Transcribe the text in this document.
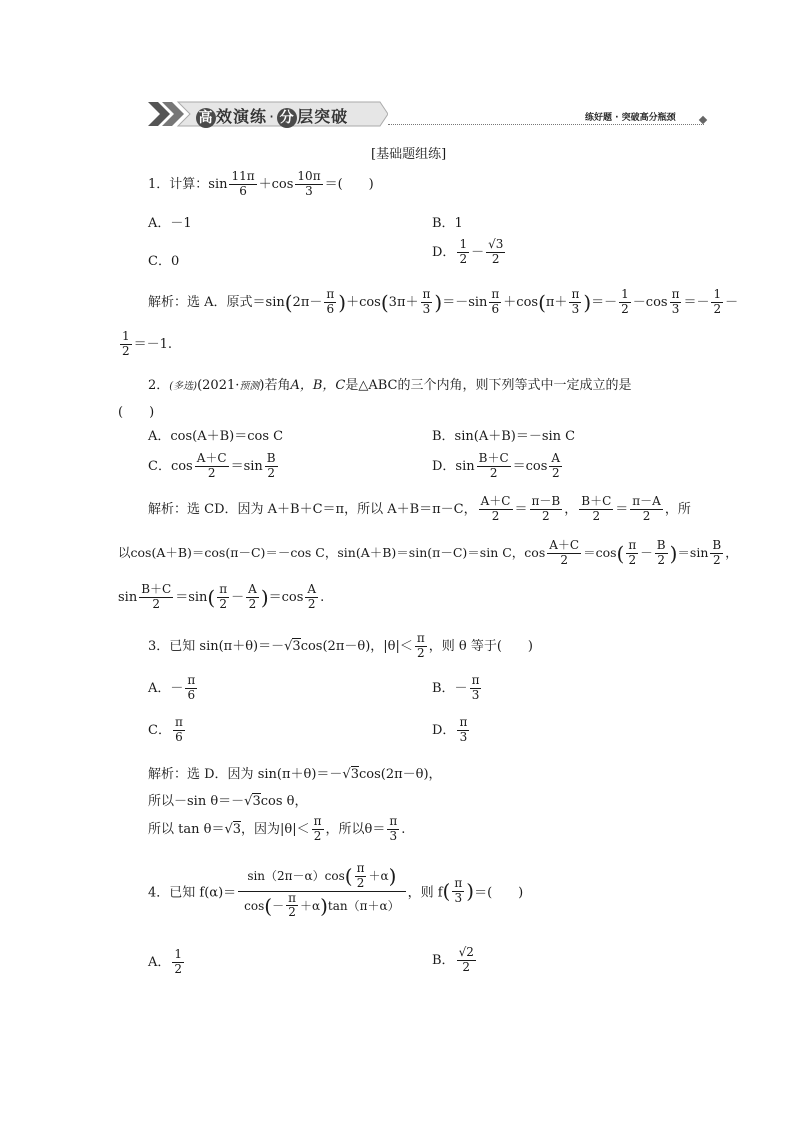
高 效演练 · 分 层突破	练好题 · 突破高分瓶颈
[基础题组练]
1．计算：$\sin \frac{11\pi}{6} +\cos \frac{10\pi}{3}$ ＝(　　)
A．－1	B．1
C．0
D． $\frac{1}{2} - \frac{√3}{2}$
解析：选 A．原式$=\sin(2\pi- \frac{\pi}{6} )+\cos(3\pi+ \frac{\pi}{3} )=-\sin \frac{\pi}{6} +\cos(\pi+ \frac{\pi}{3}$ )＝－ $\frac{1}{2} -\cos \frac{\pi}{3} =- \frac{1}{2}$ －
$\frac{1}{2} =-1$.
2．(多选)(2021·预测)若角A，B，C是△ABC的三个内角，则下列等式中一定成立的是
(　　)
A．cos(A＋B)＝cos C	B．sin(A＋B)＝－sin C
C．$\cos \frac{A+C}{2} =\sin \frac{B}{2}$	D．$\sin \frac{B+C}{2} =\cos \frac{A}{2}$
解析：选 CD．因为 A＋B＋C＝π，所以 A＋B＝π－C， $\frac{A+C}{2} = \frac{\pi-B}{2}$ ， $\frac{B+C}{2} = \frac{\pi-A}{2}$ ，所
以cos(A＋B)＝cos(π－C)＝－cos C，sin(A＋B)＝sin(π－C)＝sin C，$\cos \frac{A+C}{2} =\cos( \frac{\pi}{2} - \frac{B}{2} )=\sin \frac{B}{2}$ ，
$\sin \frac{B+C}{2} =\sin( \frac{\pi}{2} - \frac{A}{2} )=\cos \frac{A}{2}$ .
3．已知 sin(π＋θ)＝－√3cos(2π－θ)，$|\theta|< \frac{\pi}{2}$ ，则 θ 等于(　　)
A．－ $\frac{\pi}{6}$	B．－ $\frac{\pi}{3}$
C． $\frac{\pi}{6}$	D． $\frac{\pi}{3}$
解析：选 D．因为 sin(π＋θ)＝－√3cos(2π－θ)，
所以－sin θ＝－√3cos θ，
所以 tan θ＝√3，因为$|\theta|< \frac{\pi}{2}$ ，所以$\theta= \frac{\pi}{3}$ .
4．已知 $f(\alpha)= \frac{\sin(2\pi-\alpha)\cos( \frac{\pi}{2} +\alpha)}{\cos(- \frac{\pi}{2} +\alpha)\tan(\pi+\alpha)}$ ，则 $f( \frac{\pi}{3}$ )＝(　　)
A． $\frac{1}{2}$	B． $\frac{√2}{2}$
